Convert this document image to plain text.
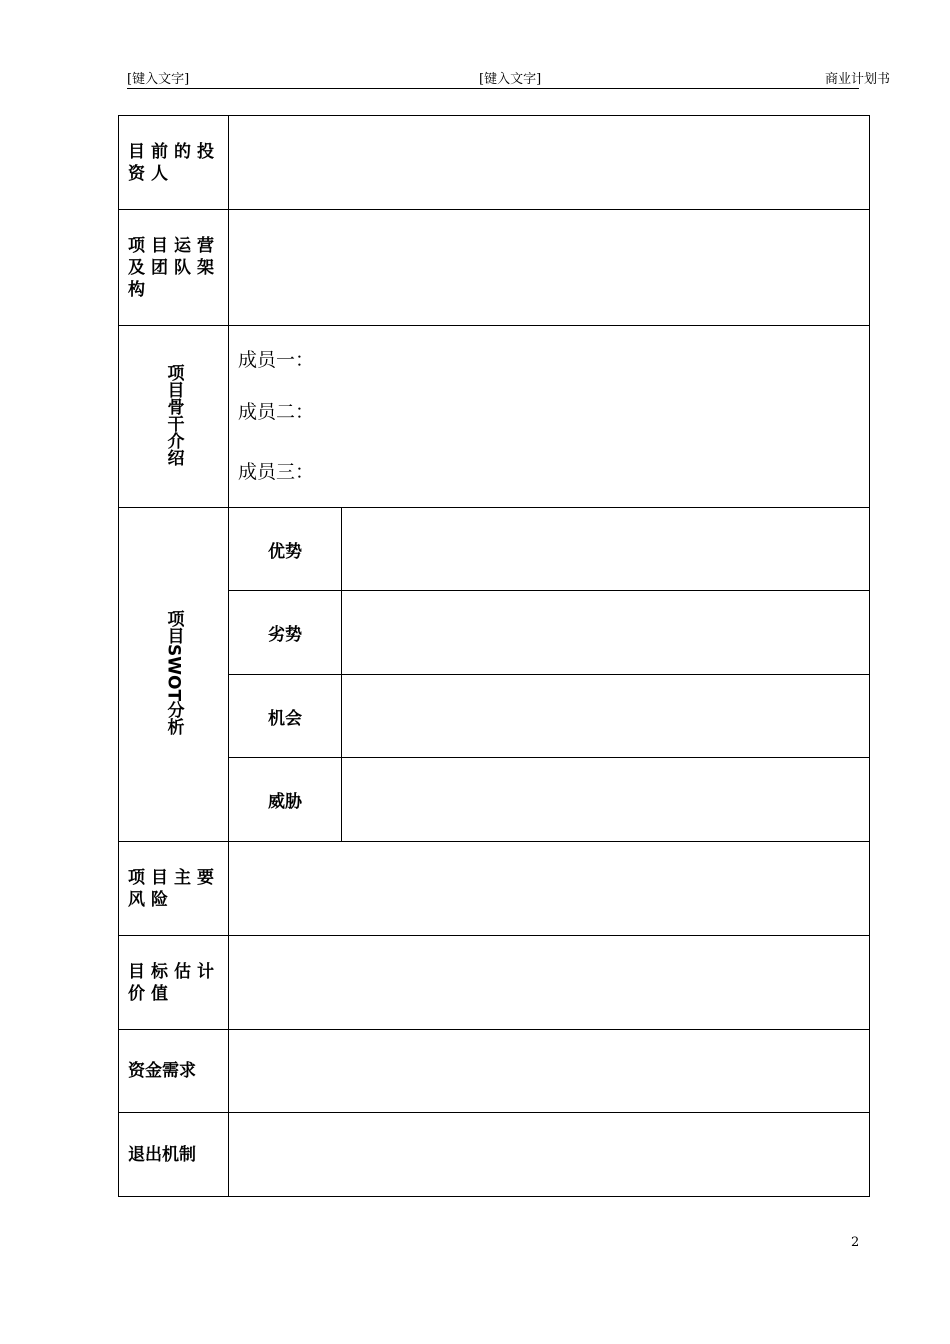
[键入文字]	[键入文字]	商业计划书
目前的投资人		
项目运营及团队架构		
项目骨干介绍	成员一：
成员二：
成员三：	

项目SWOT分析	优势	
	劣势	
	机会	
	威胁	
项目主要风险		
目标估计价值		
资金需求		
退出机制		
2
